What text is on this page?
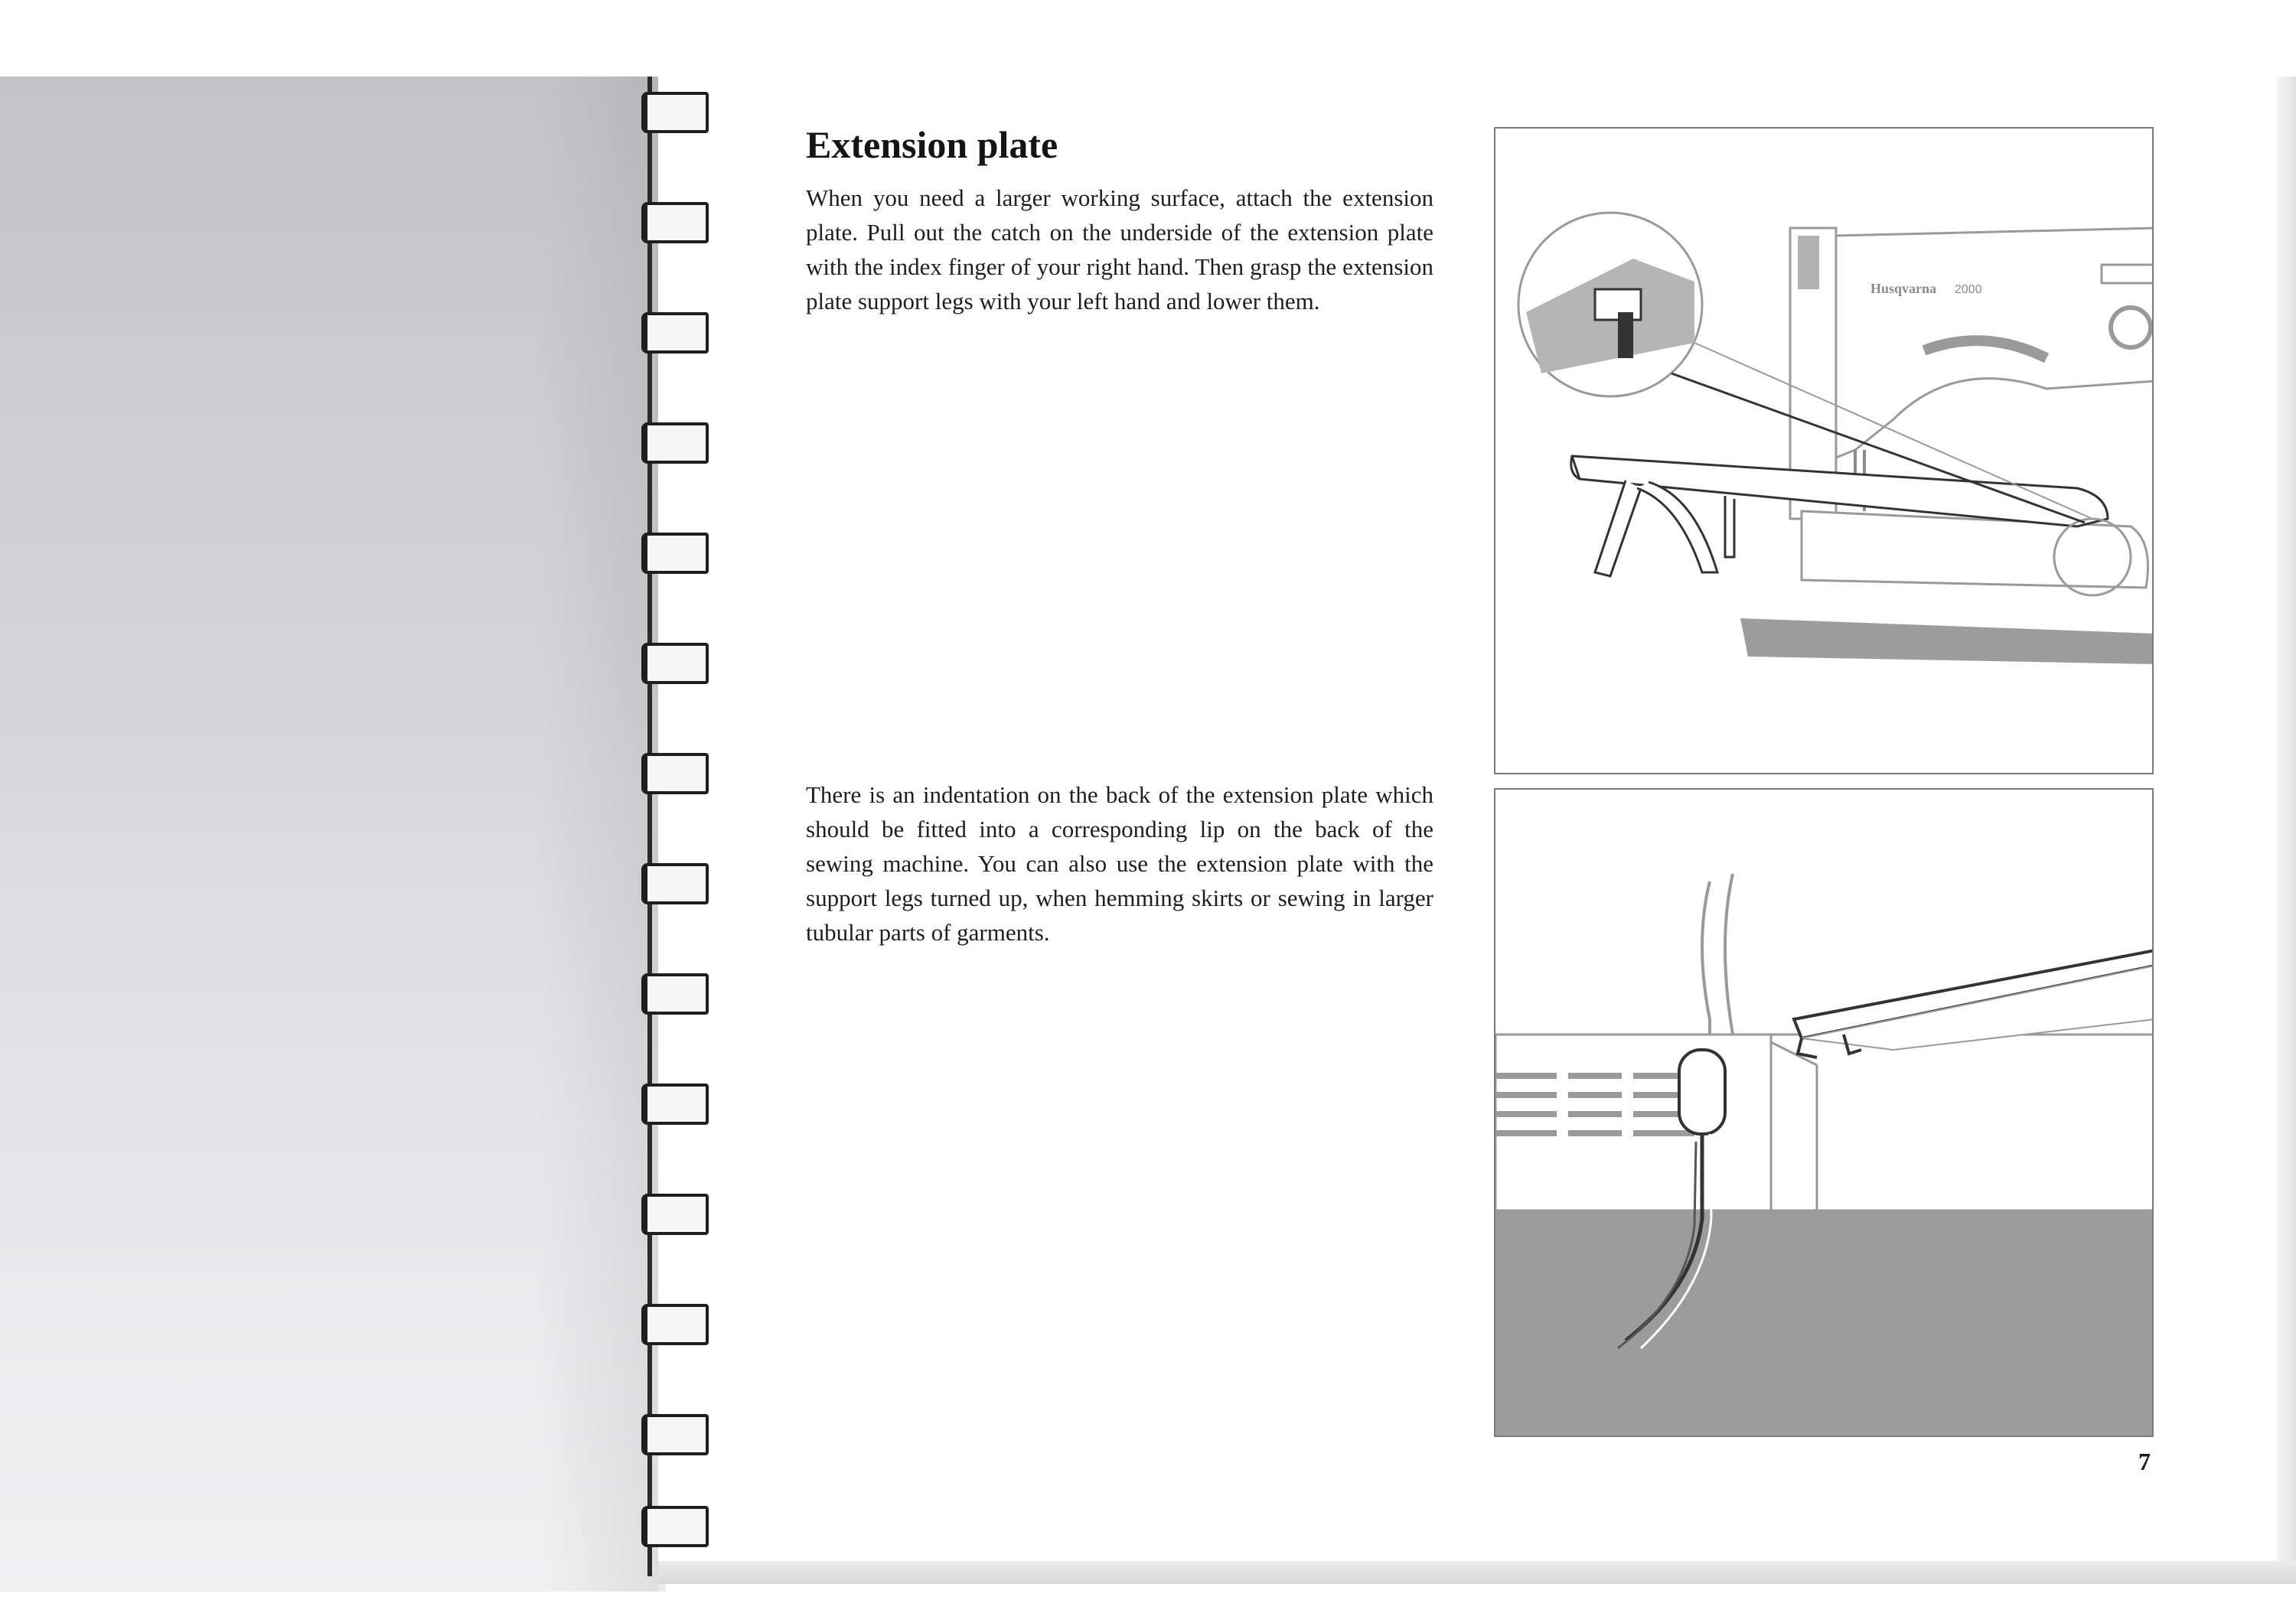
Extension plate

When you need a larger working surface, attach the extension plate. Pull out the catch on the underside of the extension plate with the index finger of your right hand. Then grasp the extension plate support legs with your left hand and lower them.

There is an indentation on the back of the extension plate which should be fitted into a corresponding lip on the back of the sewing machine. You can also use the extension plate with the support legs turned up, when hemming skirts or sewing in larger tubular parts of garments.

Husqvarna 2000
7
